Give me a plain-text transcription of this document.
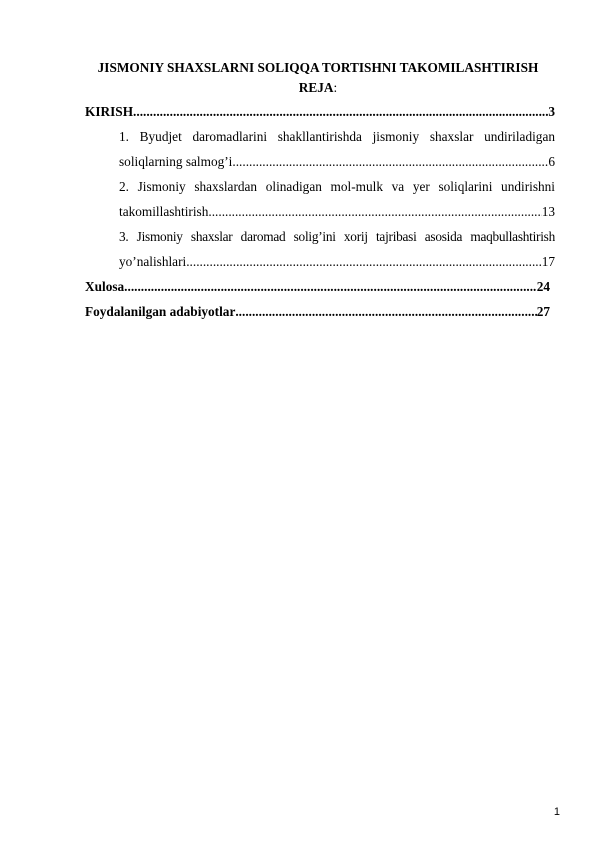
JISMONIY SHAXSLARNI SOLIQQA TORTISHNI TAKOMILASHTIRISH
REJA:
KIRISH .....	3
1. Byudjet daromadlarini shakllantirishda jismoniy shaxslar undiriladigan
soliqlarning salmog’i .....	6
2. Jismoniy shaxslardan olinadigan mol-mulk va yer soliqlarini undirishni
takomillashtirish .....	13
3. Jismoniy shaxslar daromad solig’ini xorij tajribasi asosida maqbullashtirish
yo’nalishlari .....	17
Xulosa .....	24
Foydalanilgan adabiyotlar .....	27
1
